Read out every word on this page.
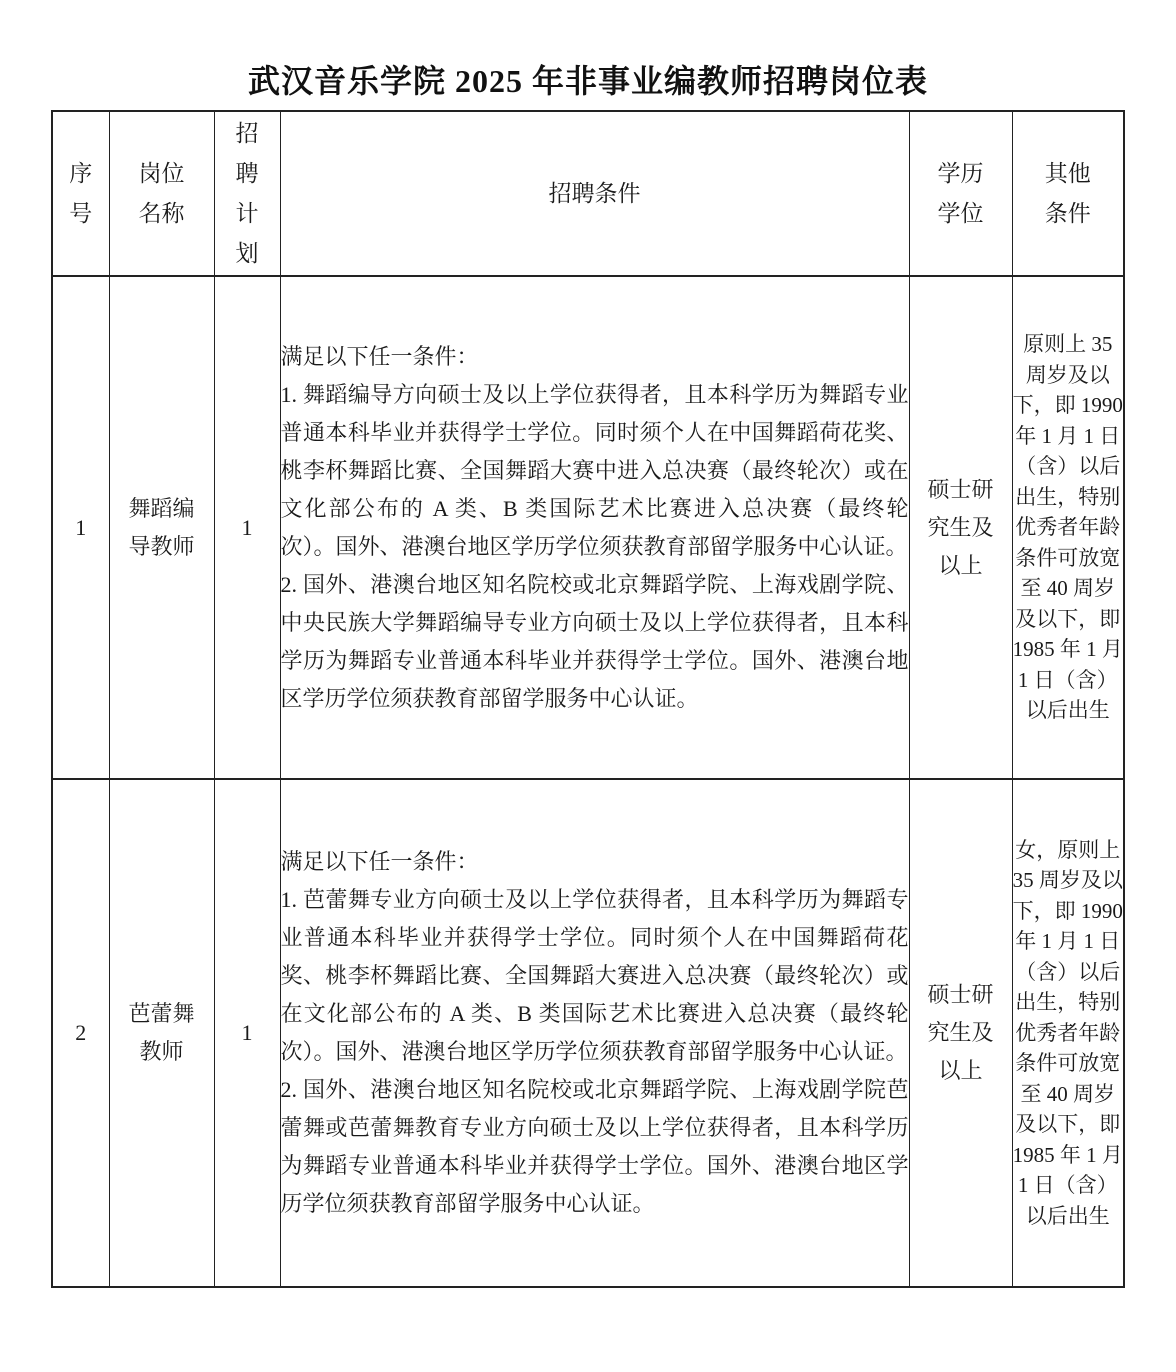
武汉音乐学院 2025 年非事业编教师招聘岗位表
序号	岗位名称	招聘计划	招聘条件	学历学位	其他条件
1	舞蹈编导教师	1	满足以下任一条件：

1. 舞蹈编导方向硕士及以上学位获得者，且本科学历为舞蹈专业普通本科毕业并获得学士学位。同时须个人在中国舞蹈荷花奖、桃李杯舞蹈比赛、全国舞蹈大赛中进入总决赛（最终轮次）或在文化部公布的 A 类、B 类国际艺术比赛进入总决赛（最终轮次）。国外、港澳台地区学历学位须获教育部留学服务中心认证。

2. 国外、港澳台地区知名院校或北京舞蹈学院、上海戏剧学院、中央民族大学舞蹈编导专业方向硕士及以上学位获得者，且本科学历为舞蹈专业普通本科毕业并获得学士学位。国外、港澳台地区学历学位须获教育部留学服务中心认证。	硕士研究生及以上	原则上 35 周岁及以下，即 1990 年 1 月 1 日（含）以后出生，特别优秀者年龄条件可放宽至 40 周岁及以下，即 1985 年 1 月 1 日（含）以后出生
2	芭蕾舞教师	1	满足以下任一条件：

1. 芭蕾舞专业方向硕士及以上学位获得者，且本科学历为舞蹈专业普通本科毕业并获得学士学位。同时须个人在中国舞蹈荷花奖、桃李杯舞蹈比赛、全国舞蹈大赛进入总决赛（最终轮次）或在文化部公布的 A 类、B 类国际艺术比赛进入总决赛（最终轮次）。国外、港澳台地区学历学位须获教育部留学服务中心认证。

2. 国外、港澳台地区知名院校或北京舞蹈学院、上海戏剧学院芭蕾舞或芭蕾舞教育专业方向硕士及以上学位获得者，且本科学历为舞蹈专业普通本科毕业并获得学士学位。国外、港澳台地区学历学位须获教育部留学服务中心认证。	硕士研究生及以上	女，原则上 35 周岁及以下，即 1990 年 1 月 1 日（含）以后出生，特别优秀者年龄条件可放宽至 40 周岁及以下，即 1985 年 1 月 1 日（含）以后出生
